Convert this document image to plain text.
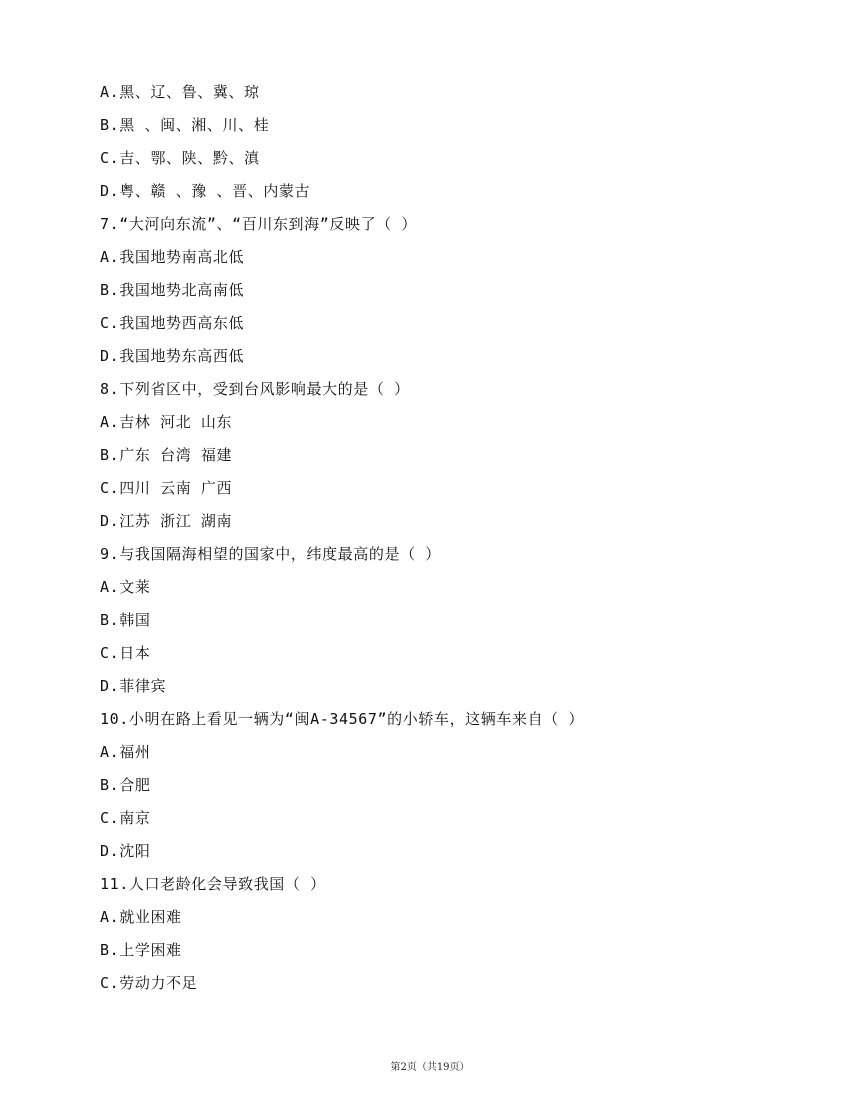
A.黑、辽、鲁、冀、琼
B.黑 、闽、湘、川、桂
C.吉、鄂、陕、黔、滇
D.粤、赣 、豫 、晋、内蒙古
7.“大河向东流”、“百川东到海”反映了（ ）
A.我国地势南高北低
B.我国地势北高南低
C.我国地势西高东低
D.我国地势东高西低
8.下列省区中，受到台风影响最大的是（ ）
A.吉林 河北 山东
B.广东 台湾 福建
C.四川 云南 广西
D.江苏 浙江 湖南
9.与我国隔海相望的国家中，纬度最高的是（ ）
A.文莱
B.韩国
C.日本
D.菲律宾
10.小明在路上看见一辆为“闽A-34567”的小轿车，这辆车来自（ ）
A.福州
B.合肥
C.南京
D.沈阳
11.人口老龄化会导致我国（ ）
A.就业困难
B.上学困难
C.劳动力不足
第2页（共19页）
